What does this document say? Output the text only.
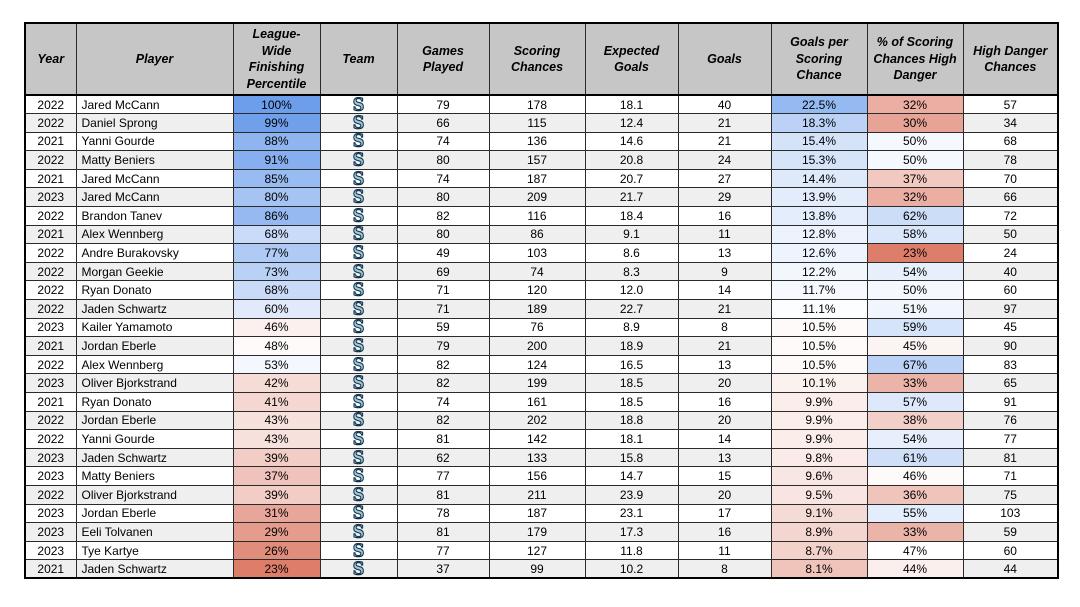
Year	Player	League-Wide Finishing Percentile	Team	Games Played	Scoring Chances	Expected Goals	Goals	Goals per Scoring Chance	% of Scoring Chances High Danger	High Danger Chances
2022	Jared McCann	100%	S	79	178	18.1	40	22.5%	32%	57
2022	Daniel Sprong	99%	S	66	115	12.4	21	18.3%	30%	34
2021	Yanni Gourde	88%	S	74	136	14.6	21	15.4%	50%	68
2022	Matty Beniers	91%	S	80	157	20.8	24	15.3%	50%	78
2021	Jared McCann	85%	S	74	187	20.7	27	14.4%	37%	70
2023	Jared McCann	80%	S	80	209	21.7	29	13.9%	32%	66
2022	Brandon Tanev	86%	S	82	116	18.4	16	13.8%	62%	72
2021	Alex Wennberg	68%	S	80	86	9.1	11	12.8%	58%	50
2022	Andre Burakovsky	77%	S	49	103	8.6	13	12.6%	23%	24
2022	Morgan Geekie	73%	S	69	74	8.3	9	12.2%	54%	40
2022	Ryan Donato	68%	S	71	120	12.0	14	11.7%	50%	60
2022	Jaden Schwartz	60%	S	71	189	22.7	21	11.1%	51%	97
2023	Kailer Yamamoto	46%	S	59	76	8.9	8	10.5%	59%	45
2021	Jordan Eberle	48%	S	79	200	18.9	21	10.5%	45%	90
2022	Alex Wennberg	53%	S	82	124	16.5	13	10.5%	67%	83
2023	Oliver Bjorkstrand	42%	S	82	199	18.5	20	10.1%	33%	65
2021	Ryan Donato	41%	S	74	161	18.5	16	9.9%	57%	91
2022	Jordan Eberle	43%	S	82	202	18.8	20	9.9%	38%	76
2022	Yanni Gourde	43%	S	81	142	18.1	14	9.9%	54%	77
2023	Jaden Schwartz	39%	S	62	133	15.8	13	9.8%	61%	81
2023	Matty Beniers	37%	S	77	156	14.7	15	9.6%	46%	71
2022	Oliver Bjorkstrand	39%	S	81	211	23.9	20	9.5%	36%	75
2023	Jordan Eberle	31%	S	78	187	23.1	17	9.1%	55%	103
2023	Eeli Tolvanen	29%	S	81	179	17.3	16	8.9%	33%	59
2023	Tye Kartye	26%	S	77	127	11.8	11	8.7%	47%	60
2021	Jaden Schwartz	23%	S	37	99	10.2	8	8.1%	44%	44
